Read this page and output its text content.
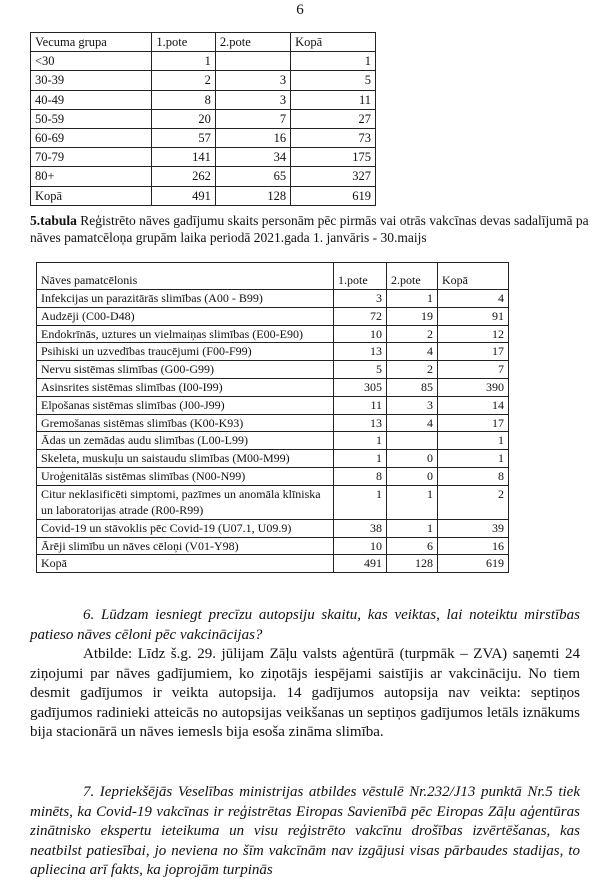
6
Vecuma grupa	1.pote	2.pote	Kopā
<30	1		1
30-39	2	3	5
40-49	8	3	11
50-59	20	7	27
60-69	57	16	73
70-79	141	34	175
80+	262	65	327
Kopā	491	128	619
5.tabula Reģistrēto nāves gadījumu skaits personām pēc pirmās vai otrās vakcīnas devas sadalījumā pa nāves pamatcēloņa grupām laika periodā 2021.gada 1. janvāris - 30.maijs
Nāves pamatcēlonis	1.pote	2.pote	Kopā
Infekcijas un parazitārās slimības (A00 - B99)	3	1	4
Audzēji (C00-D48)	72	19	91
Endokrīnās, uztures un vielmaiņas slimības (E00-E90)	10	2	12
Psihiski un uzvedības traucējumi (F00-F99)	13	4	17
Nervu sistēmas slimības (G00-G99)	5	2	7
Asinsrites sistēmas slimības (I00-I99)	305	85	390
Elpošanas sistēmas slimības (J00-J99)	11	3	14
Gremošanas sistēmas slimības (K00-K93)	13	4	17
Ādas un zemādas audu slimības (L00-L99)	1		1
Skeleta, muskuļu un saistaudu slimības (M00-M99)	1	0	1
Uroģenitālās sistēmas slimības (N00-N99)	8	0	8
Citur neklasificēti simptomi, pazīmes un anomāla klīniska un laboratorijas atrade (R00-R99)	1	1	2
Covid-19 un stāvoklis pēc Covid-19 (U07.1, U09.9)	38	1	39
Ārēji slimību un nāves cēloņi (V01-Y98)	10	6	16
Kopā	491	128	619
6. Lūdzam iesniegt precīzu autopsiju skaitu, kas veiktas, lai noteiktu mirstības patieso nāves cēloni pēc vakcinācijas?
Atbilde: Līdz š.g. 29. jūlijam Zāļu valsts aģentūrā (turpmāk – ZVA) saņemti 24 ziņojumi par nāves gadījumiem, ko ziņotājs iespējami saistījis ar vakcināciju. No tiem desmit gadījumos ir veikta autopsija. 14 gadījumos autopsija nav veikta: septiņos gadījumos radinieki atteicās no autopsijas veikšanas un septiņos gadījumos letāls iznākums bija stacionārā un nāves iemesls bija esoša zināma slimība.
7. Iepriekšējās Veselības ministrijas atbildes vēstulē Nr.232/J13 punktā Nr.5 tiek minēts, ka Covid-19 vakcīnas ir reģistrētas Eiropas Savienībā pēc Eiropas Zāļu aģentūras zinātnisko ekspertu ieteikuma un visu reģistrēto vakcīnu drošības izvērtēšanas, kas neatbilst patiesībai, jo neviena no šīm vakcīnām nav izgājusi visas pārbaudes stadijas, to apliecina arī fakts, ka joprojām turpinās
